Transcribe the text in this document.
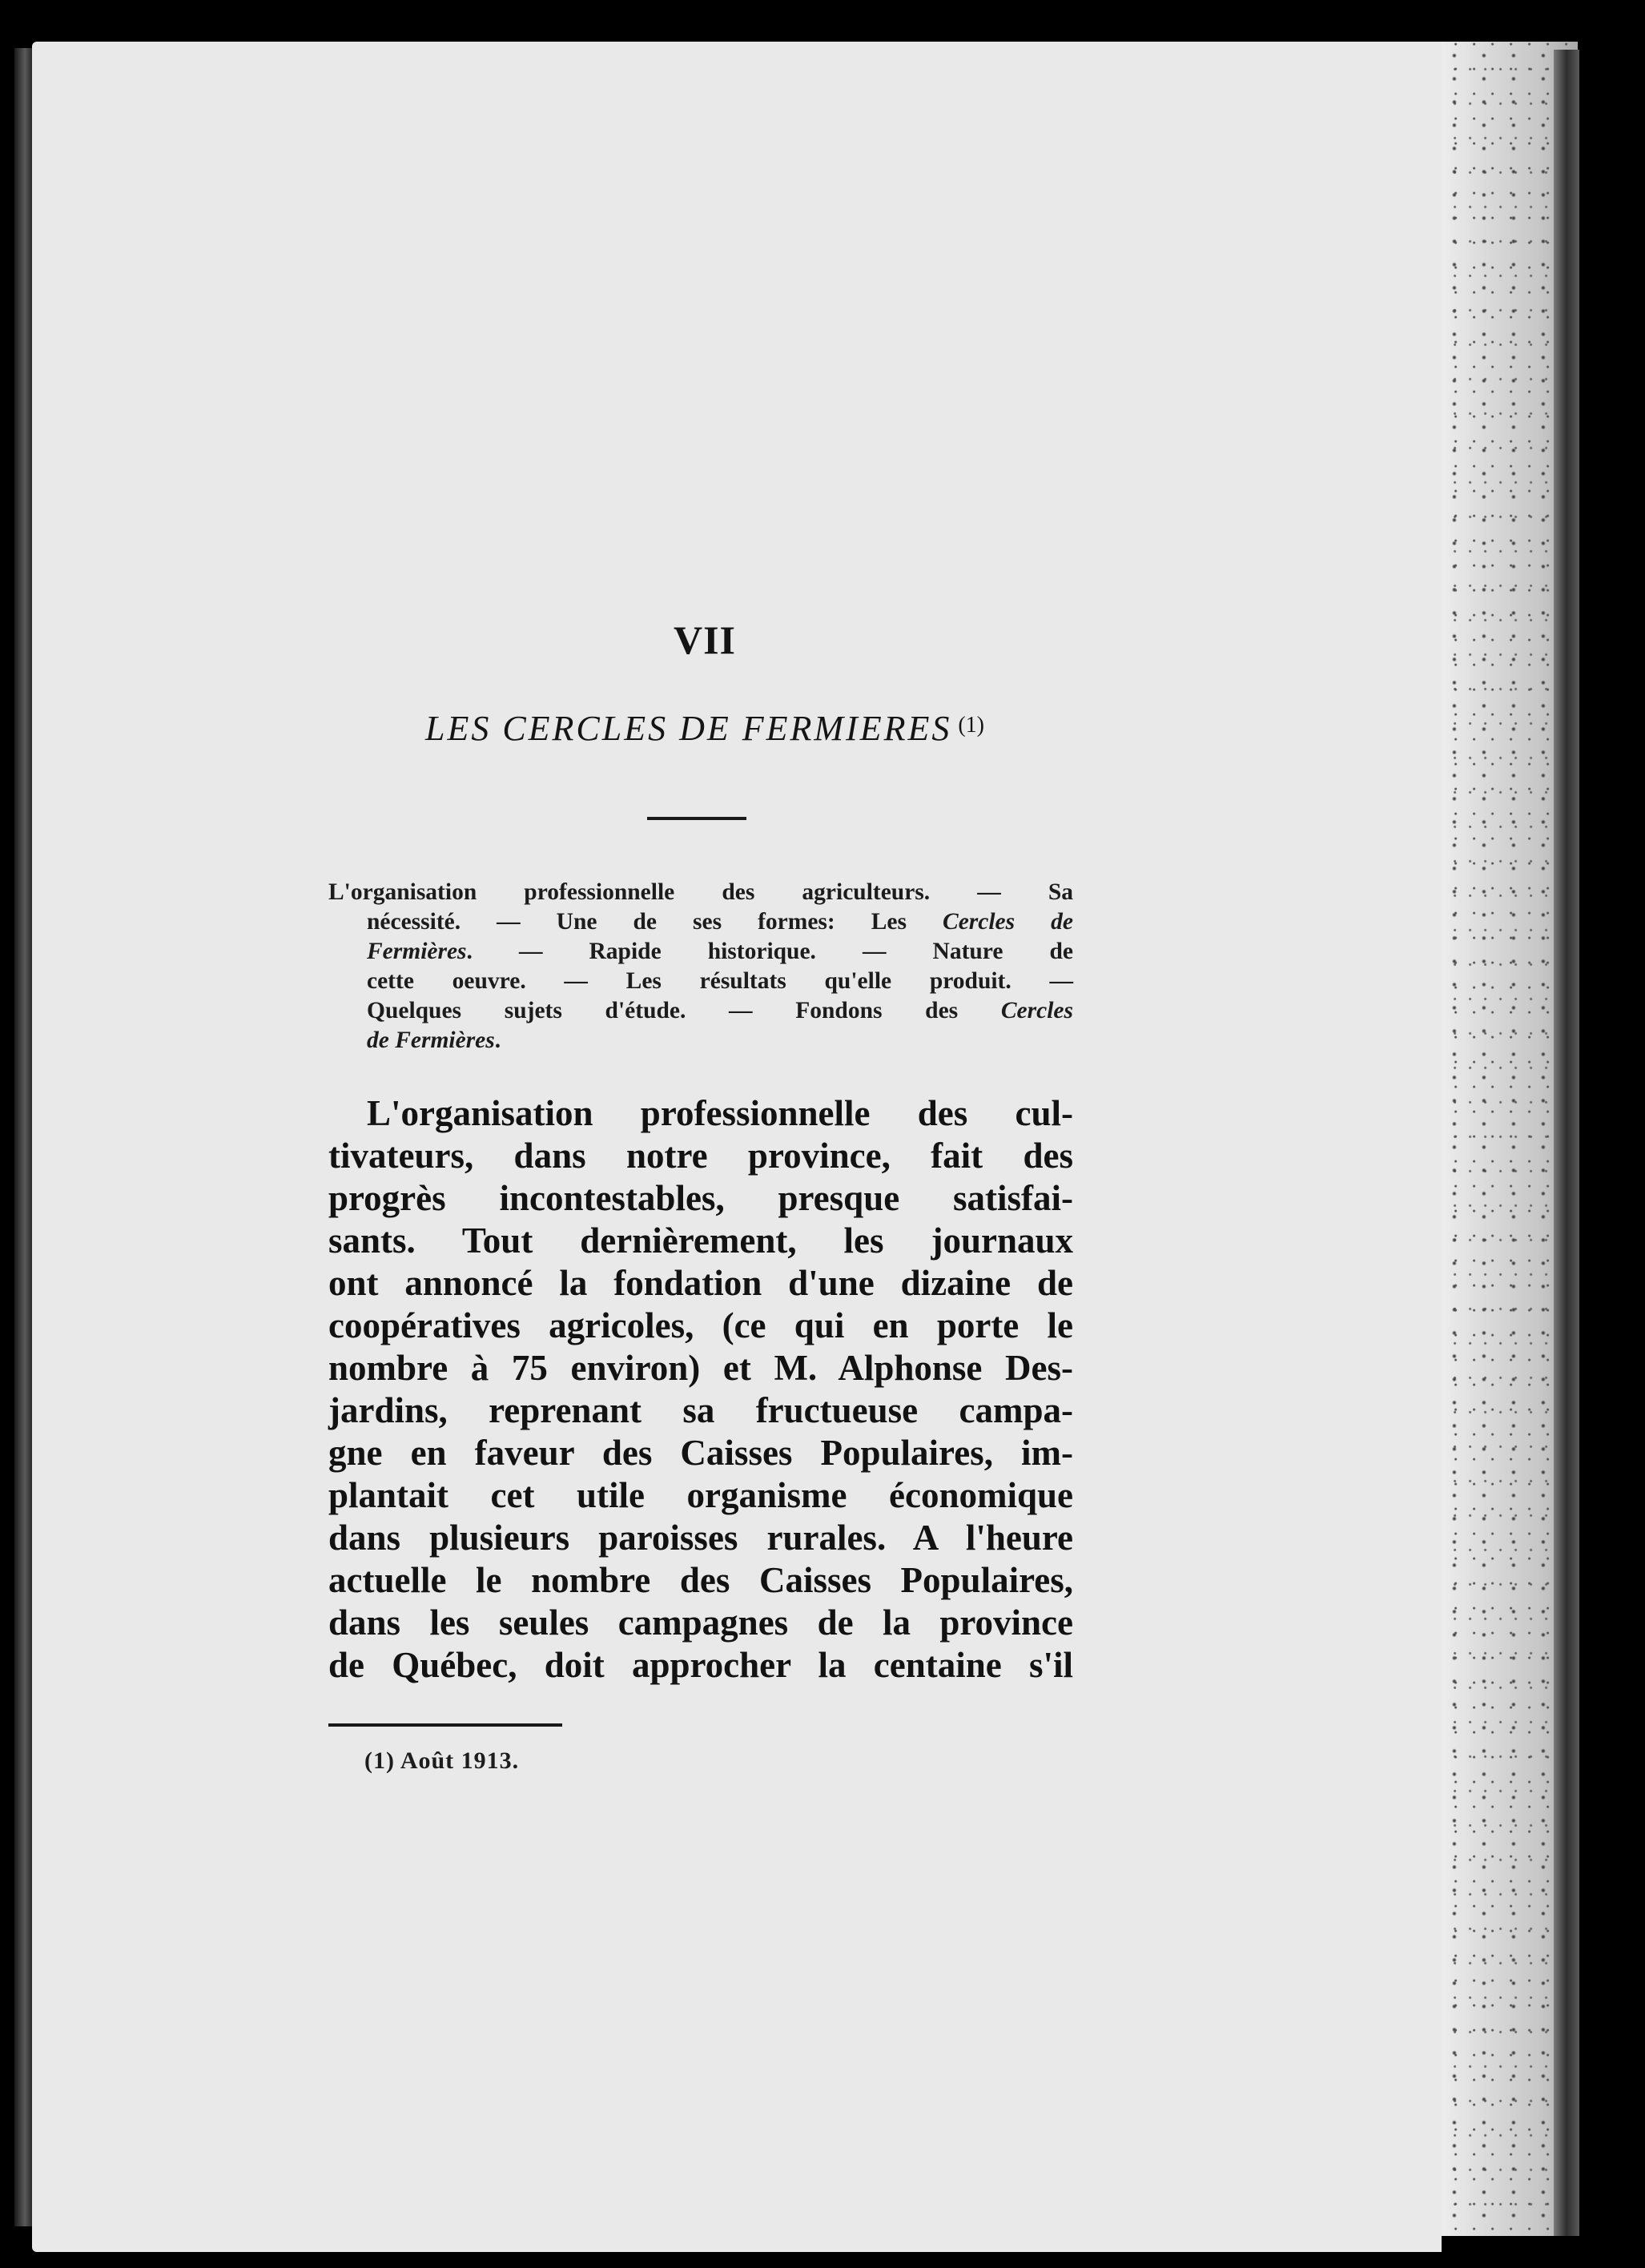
VII
LES CERCLES DE FERMIERES $^{(1)}$
L'organisation professionnelle des agriculteurs. — Sa
nécessité. — Une de ses formes: Les Cercles de
Fermières. — Rapide historique. — Nature de
cette oeuvre. — Les résultats qu'elle produit. —
Quelques sujets d'étude. — Fondons des Cercles
de Fermières.
L'organisation professionnelle des cul-
tivateurs, dans notre province, fait des
progrès incontestables, presque satisfai-
sants. Tout dernièrement, les journaux
ont annoncé la fondation d'une dizaine de
coopératives agricoles, (ce qui en porte le
nombre à 75 environ) et M. Alphonse Des-
jardins, reprenant sa fructueuse campa-
gne en faveur des Caisses Populaires, im-
plantait cet utile organisme économique
dans plusieurs paroisses rurales. A l'heure
actuelle le nombre des Caisses Populaires,
dans les seules campagnes de la province
de Québec, doit approcher la centaine s'il
(1) Août 1913.
